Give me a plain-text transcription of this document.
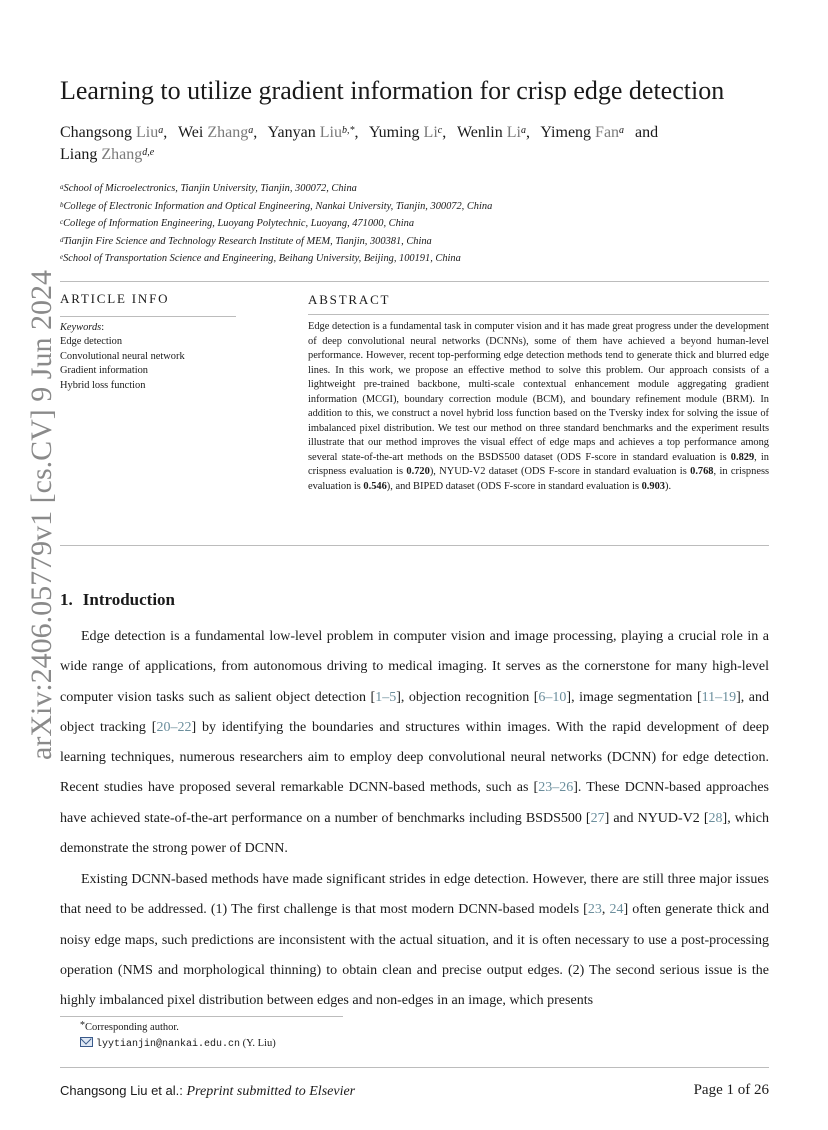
arXiv:2406.05779v1 [cs.CV] 9 Jun 2024
Learning to utilize gradient information for crisp edge detection
Changsong Liu$^a$, Wei Zhang$^a$, Yanyan Liu$^{b,*}$, Yuming Li$^c$, Wenlin Li$^a$, Yimeng Fan$^a$ and
Liang Zhang$^{d,e}$
$^a$School of Microelectronics, Tianjin University, Tianjin, 300072, China
$^b$College of Electronic Information and Optical Engineering, Nankai University, Tianjin, 300072, China
$^c$College of Information Engineering, Luoyang Polytechnic, Luoyang, 471000, China
$^d$Tianjin Fire Science and Technology Research Institute of MEM, Tianjin, 300381, China
$^e$School of Transportation Science and Engineering, Beihang University, Beijing, 100191, China
ARTICLE INFO
Keywords:
Edge detection
Convolutional neural network
Gradient information
Hybrid loss function
ABSTRACT
Edge detection is a fundamental task in computer vision and it has made great progress under the development of deep convolutional neural networks (DCNNs), some of them have achieved a beyond human-level performance. However, recent top-performing edge detection methods tend to generate thick and blurred edge lines. In this work, we propose an effective method to solve this problem. Our approach consists of a lightweight pre-trained backbone, multi-scale contextual enhancement module aggregating gradient information (MCGI), boundary correction module (BCM), and boundary refinement module (BRM). In addition to this, we construct a novel hybrid loss function based on the Tversky index for solving the issue of imbalanced pixel distribution. We test our method on three standard benchmarks and the experiment results illustrate that our method improves the visual effect of edge maps and achieves a top performance among several state-of-the-art methods on the BSDS500 dataset (ODS F-score in standard evaluation is 0.829, in crispness evaluation is 0.720), NYUD-V2 dataset (ODS F-score in standard evaluation is 0.768, in crispness evaluation is 0.546), and BIPED dataset (ODS F-score in standard evaluation is 0.903).
1. Introduction
Edge detection is a fundamental low-level problem in computer vision and image processing, playing a crucial role in a wide range of applications, from autonomous driving to medical imaging. It serves as the cornerstone for many high-level computer vision tasks such as salient object detection [1–5], objection recognition [6–10], image segmentation [11–19], and object tracking [20–22] by identifying the boundaries and structures within images. With the rapid development of deep learning techniques, numerous researchers aim to employ deep convolutional neural networks (DCNN) for edge detection. Recent studies have proposed several remarkable DCNN-based methods, such as [23–26]. These DCNN-based approaches have achieved state-of-the-art performance on a number of benchmarks including BSDS500 [27] and NYUD-V2 [28], which demonstrate the strong power of DCNN.
Existing DCNN-based methods have made significant strides in edge detection. However, there are still three major issues that need to be addressed. (1) The first challenge is that most modern DCNN-based models [23, 24] often generate thick and noisy edge maps, such predictions are inconsistent with the actual situation, and it is often necessary to use a post-processing operation (NMS and morphological thinning) to obtain clean and precise output edges. (2) The second serious issue is the highly imbalanced pixel distribution between edges and non-edges in an image, which presents
*Corresponding author.
lyytianjin@nankai.edu.cn (Y. Liu)
Changsong Liu et al.: Preprint submitted to Elsevier	Page 1 of 26
